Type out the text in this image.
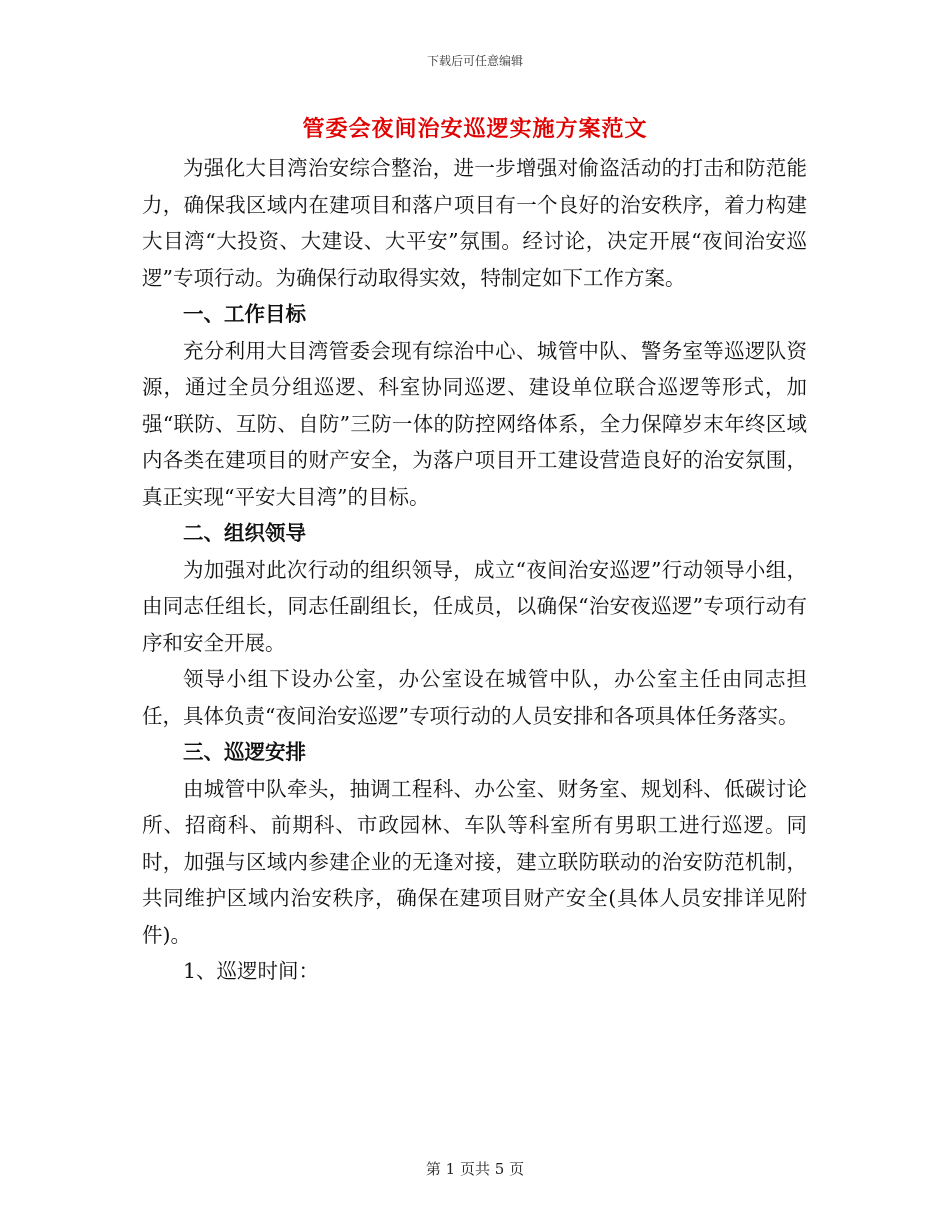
下载后可任意编辑
管委会夜间治安巡逻实施方案范文

为强化大目湾治安综合整治，进一步增强对偷盗活动的打击和防范能力，确保我区域内在建项目和落户项目有一个良好的治安秩序，着力构建大目湾“大投资、大建设、大平安”氛围。经讨论，决定开展“夜间治安巡逻”专项行动。为确保行动取得实效，特制定如下工作方案。

一、工作目标

充分利用大目湾管委会现有综治中心、城管中队、警务室等巡逻队资源，通过全员分组巡逻、科室协同巡逻、建设单位联合巡逻等形式，加强“联防、互防、自防”三防一体的防控网络体系，全力保障岁末年终区域内各类在建项目的财产安全，为落户项目开工建设营造良好的治安氛围，真正实现“平安大目湾”的目标。

二、组织领导

为加强对此次行动的组织领导，成立“夜间治安巡逻”行动领导小组，由同志任组长，同志任副组长，任成员，以确保“治安夜巡逻”专项行动有序和安全开展。

领导小组下设办公室，办公室设在城管中队，办公室主任由同志担任，具体负责“夜间治安巡逻”专项行动的人员安排和各项具体任务落实。

三、巡逻安排

由城管中队牵头，抽调工程科、办公室、财务室、规划科、低碳讨论所、招商科、前期科、市政园林、车队等科室所有男职工进行巡逻。同时，加强与区域内参建企业的无逢对接，建立联防联动的治安防范机制，共同维护区域内治安秩序，确保在建项目财产安全(具体人员安排详见附件)。

1、巡逻时间：

第 1 页共 5 页
